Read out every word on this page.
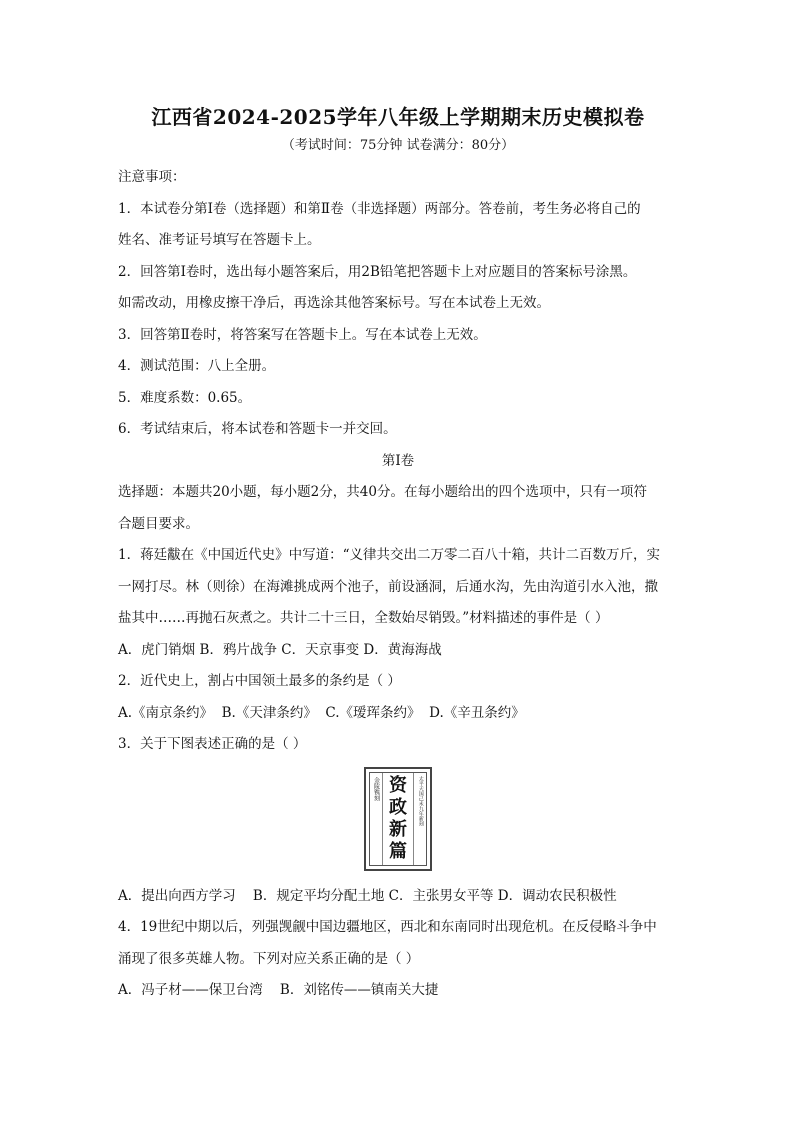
江西省2024-2025学年八年级上学期期末历史模拟卷
（考试时间：75分钟 试卷满分：80分）
注意事项：
1．本试卷分第Ⅰ卷（选择题）和第Ⅱ卷（非选择题）两部分。答卷前，考生务必将自己的
姓名、准考证号填写在答题卡上。
2．回答第Ⅰ卷时，选出每小题答案后，用2B铅笔把答题卡上对应题目的答案标号涂黑。
如需改动，用橡皮擦干净后，再选涂其他答案标号。写在本试卷上无效。
3．回答第Ⅱ卷时，将答案写在答题卡上。写在本试卷上无效。
4．测试范围：八上全册。
5．难度系数：0.65。
6．考试结束后，将本试卷和答题卡一并交回。
第Ⅰ卷
选择题：本题共20小题，每小题2分，共40分。在每小题给出的四个选项中，只有一项符
合题目要求。
1．蒋廷黻在《中国近代史》中写道：“义律共交出二万零二百八十箱，共计二百数万斤，实
一网打尽。林（则徐）在海滩挑成两个池子，前设涵洞，后通水沟，先由沟道引水入池，撒
盐其中……再抛石灰煮之。共计二十三日，全数始尽销毁。”材料描述的事件是（ ）
A．虎门销烟 B．鸦片战争 C．天京事变 D．黄海海战
2．近代史上，割占中国领土最多的条约是（ ）
A.《南京条约》  B.《天津条约》  C.《瑷珲条约》  D.《辛丑条约》
3．关于下图表述正确的是（ ）
金陵镌刻 资
政
新
篇
太平天国己未九年新刻
A．提出向西方学习    B．规定平均分配土地 C．主张男女平等 D．调动农民积极性
4．19世纪中期以后，列强觊觎中国边疆地区，西北和东南同时出现危机。在反侵略斗争中
涌现了很多英雄人物。下列对应关系正确的是（ ）
A．冯子材——保卫台湾    B．刘铭传——镇南关大捷
